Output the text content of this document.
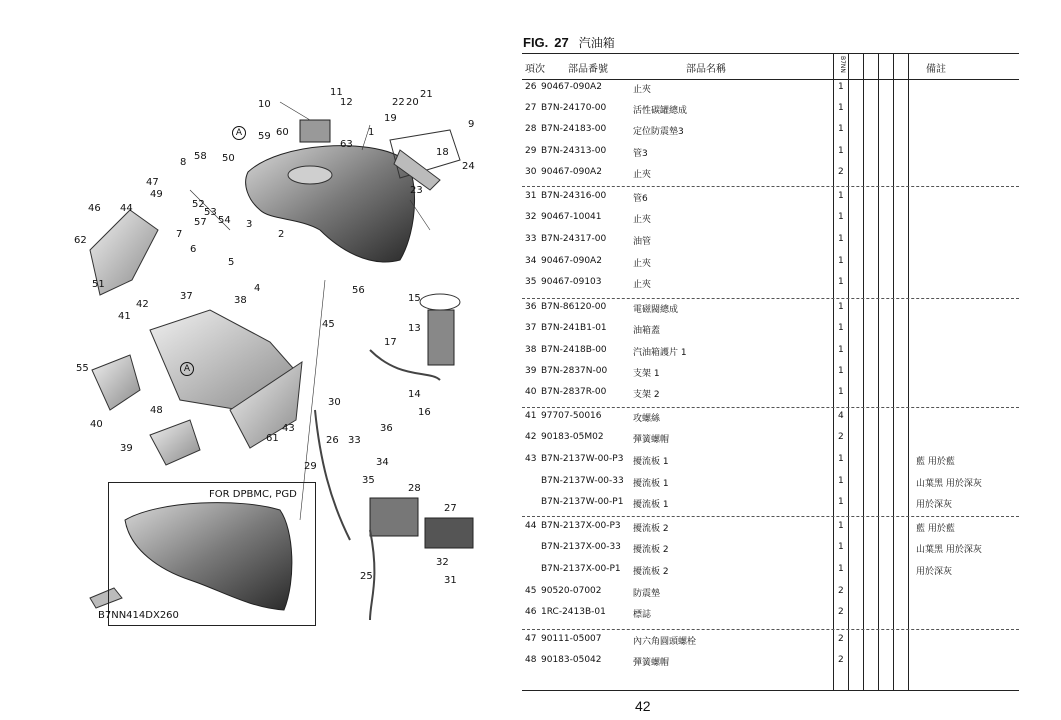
A
A
1
2
3
4
5
6
7
8
9
10
11
12
13
14
15
16
17
18
19
20
21
22
23
24
25
26
27
28
29
30
31
32
33
34
35
36
37	38
39
40
41
42
43
44
45
46
47
48
49
50
51
52
53
54
55
56
57
58
59 60
61
62
63
FOR DPBMC, PGD
B7NN414DX260
FIG. 27 汽油箱
項次 部品番號	部品名稱	B7NN	備註
26 90467-090A2	止夾	1
27 B7N-24170-00	活性碳罐總成	1
28 B7N-24183-00	定位防震墊3	1
29 B7N-24313-00	管3	1
30 90467-090A2	止夾	2
31 B7N-24316-00	管6	1
32 90467-10041	止夾	1
33 B7N-24317-00	油管	1
34 90467-090A2	止夾	1
35 90467-09103	止夾	1
36 B7N-86120-00	電磁閥總成	1
37 B7N-241B1-01	油箱蓋	1
38 B7N-2418B-00	汽油箱護片 1	1
39 B7N-2837N-00	支架 1	1
40 B7N-2837R-00	支架 2	1
41 97707-50016	攻螺絲	4
42 90183-05M02	彈簧螺帽	2
43 B7N-2137W-00-P3 擾流板 1	1	藍 用於藍
B7N-2137W-00-33 擾流板 1	1	山葉黑 用於深灰
B7N-2137W-00-P1 擾流板 1	1	用於深灰
44 B7N-2137X-00-P3 擾流板 2	1	藍 用於藍
B7N-2137X-00-33 擾流板 2	1	山葉黑 用於深灰
B7N-2137X-00-P1 擾流板 2	1	用於深灰
45 90520-07002	防震墊	2
46 1RC-2413B-01	標誌	2
47 90111-05007	內六角圓頭螺栓	2
48 90183-05042	彈簧螺帽	2
42
